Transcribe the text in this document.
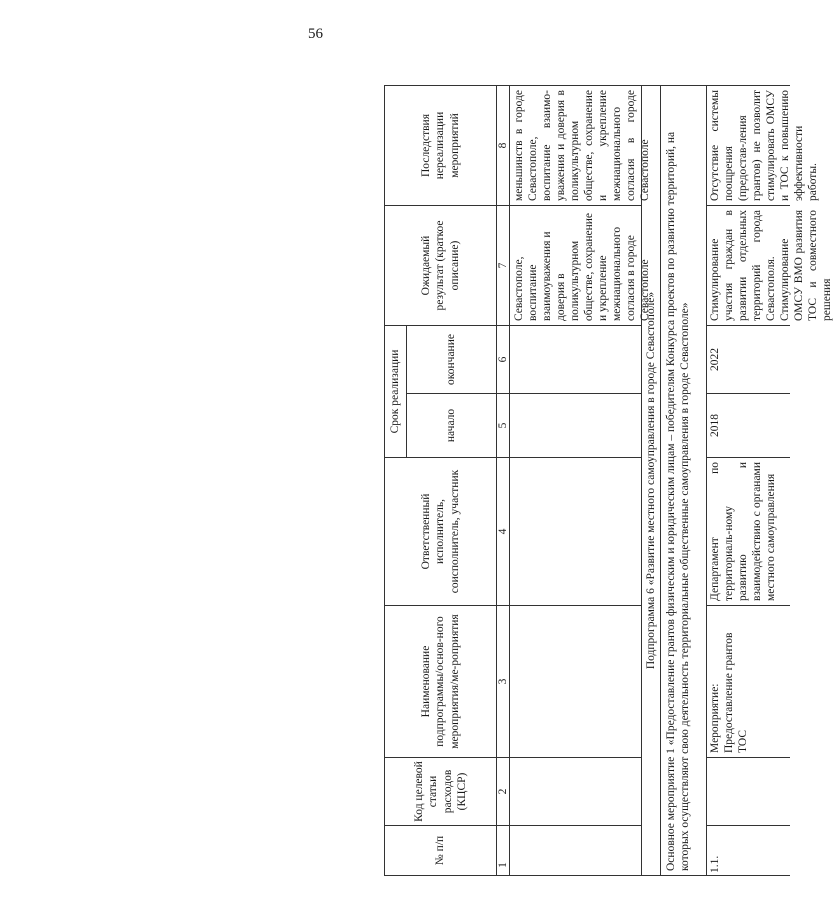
56
№ п/п
Код целевой статьи расходов (КЦСР)
Наименование подпрограммы/основ-ного мероприятия/ме-роприятия
Ответственный исполнитель, соисполнитель, участник
Срок реализации	начало
окончание
Ожидаемый результат (краткое описание)
Последствия нереализации мероприятий
1
2
3
4
5
6
7
8
Севастополе, воспитание взаимоуважения и доверия в поликультурном обществе, сохранение и укрепление межнационального согласия в городе Севастополе
меньшинств в городе Севастополе, воспитание взаимо-уважения и доверия в поликультурном обществе, сохранение и укрепление межнационального согласия в городе Севастополе
Подпрограмма 6 «Развитие местного самоуправления в городе Севастополе» Основное мероприятие 1 «Предоставление грантов физическим и юридическим лицам – победителям Конкурса проектов по развитию территорий, на которых осуществляют свою деятельность территориальные общественные самоуправления в городе Севастополе»	1.1.
Мероприятие: Предоставление грантов ТОС
Департамент по территориаль-ному развитию и взаимодействию с органами местного самоуправления
2018
2022
Стимулирование участия граждан в развитии отдельных территорий города Севастополя. Стимулирование ОМСУ ВМО развития ТОС и совместного решения
Отсутствие системы поощрения (предостав-ления грантов) не позволит стимулировать ОМСУ и ТОС к повышению эффективности работы.
